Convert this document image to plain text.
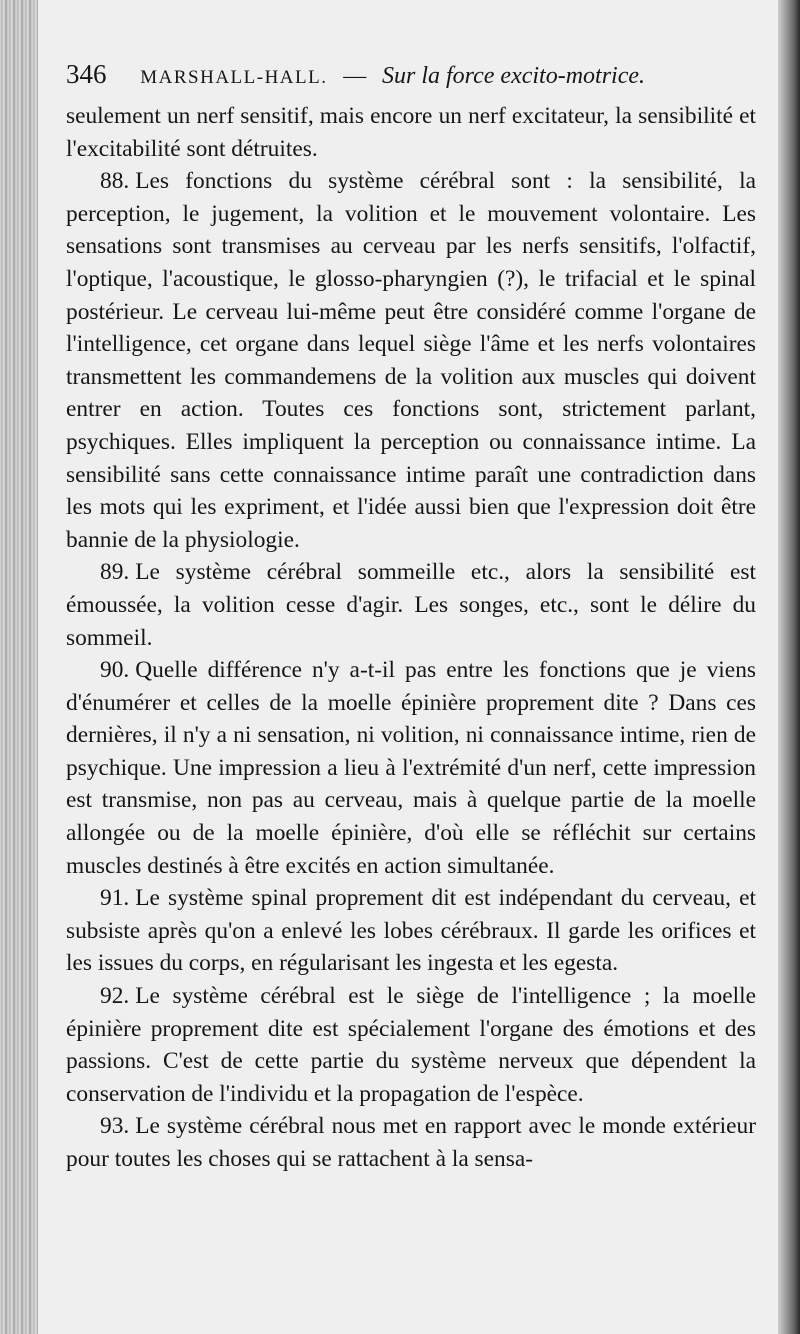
346 MARSHALL-HALL. — Sur la force excito-motrice.

seulement un nerf sensitif, mais encore un nerf excitateur, la sensibilité et l'excitabilité sont détruites.

88. Les fonctions du système cérébral sont : la sensibilité, la perception, le jugement, la volition et le mouvement volontaire. Les sensations sont transmises au cerveau par les nerfs sensitifs, l'olfactif, l'optique, l'acoustique, le glosso-pharyngien (?), le trifacial et le spinal postérieur. Le cerveau lui-même peut être considéré comme l'organe de l'intelligence, cet organe dans lequel siège l'âme et les nerfs volontaires transmettent les commandemens de la volition aux muscles qui doivent entrer en action. Toutes ces fonctions sont, strictement parlant, psychiques. Elles impliquent la perception ou connaissance intime. La sensibilité sans cette connaissance intime paraît une contradiction dans les mots qui les expriment, et l'idée aussi bien que l'expression doit être bannie de la physiologie.

89. Le système cérébral sommeille etc., alors la sensibilité est émoussée, la volition cesse d'agir. Les songes, etc., sont le délire du sommeil.

90. Quelle différence n'y a-t-il pas entre les fonctions que je viens d'énumérer et celles de la moelle épinière proprement dite ? Dans ces dernières, il n'y a ni sensation, ni volition, ni connaissance intime, rien de psychique. Une impression a lieu à l'extrémité d'un nerf, cette impression est transmise, non pas au cerveau, mais à quelque partie de la moelle allongée ou de la moelle épinière, d'où elle se réfléchit sur certains muscles destinés à être excités en action simultanée.

91. Le système spinal proprement dit est indépendant du cerveau, et subsiste après qu'on a enlevé les lobes cérébraux. Il garde les orifices et les issues du corps, en régularisant les ingesta et les egesta.

92. Le système cérébral est le siège de l'intelligence ; la moelle épinière proprement dite est spécialement l'organe des émotions et des passions. C'est de cette partie du système nerveux que dépendent la conservation de l'individu et la propagation de l'espèce.

93. Le système cérébral nous met en rapport avec le monde extérieur pour toutes les choses qui se rattachent à la sensa-
